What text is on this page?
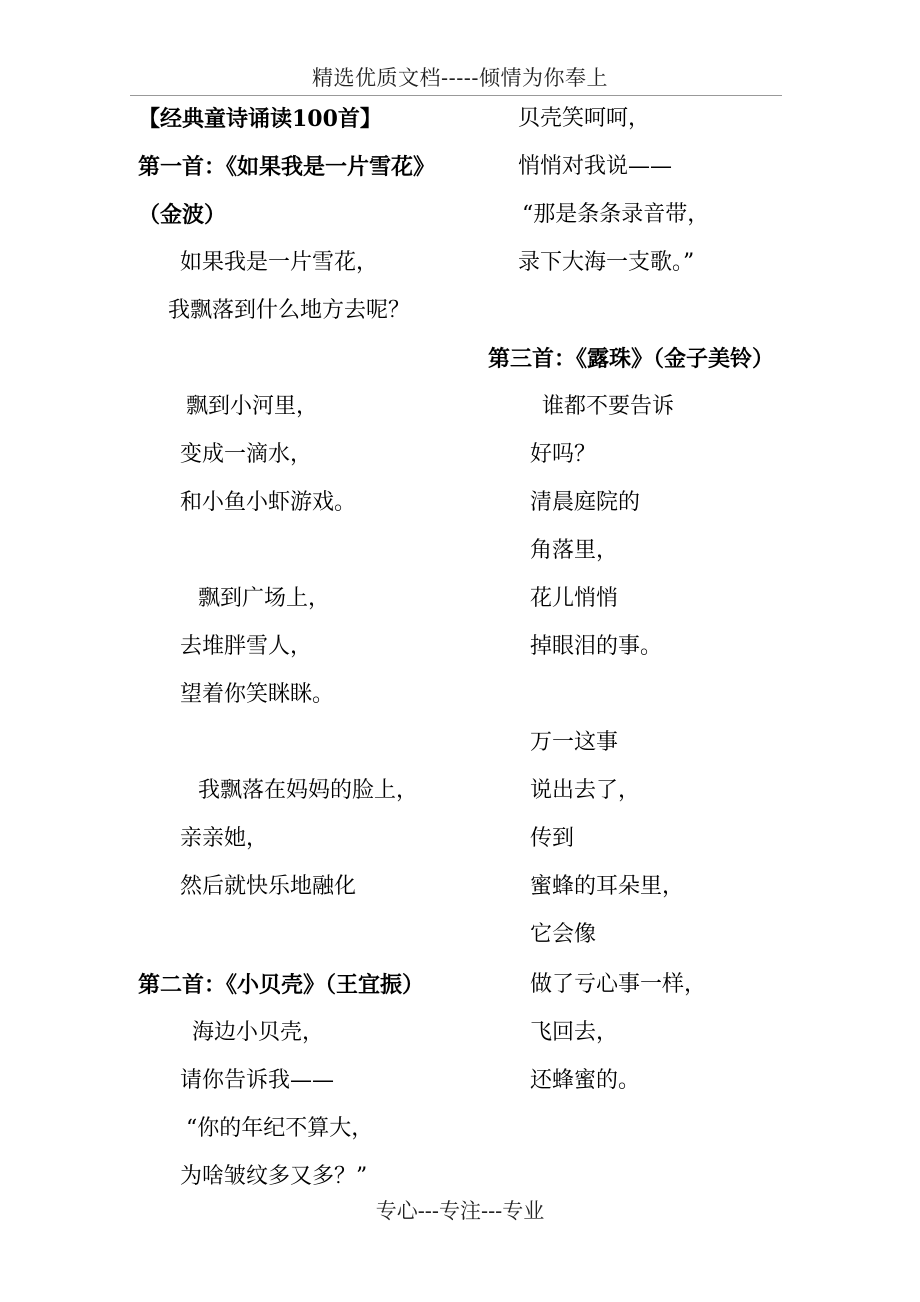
精选优质文档-----倾情为你奉上
【经典童诗诵读100首】
第一首：《如果我是一片雪花》
（金波）
如果我是一片雪花，
我飘落到什么地方去呢？
飘到小河里，
变成一滴水，
和小鱼小虾游戏。
飘到广场上，
去堆胖雪人，
望着你笑眯眯。
我飘落在妈妈的脸上，
亲亲她，
然后就快乐地融化
第二首：《小贝壳》（王宜振）
海边小贝壳，
请你告诉我——
“你的年纪不算大，
为啥皱纹多又多？”
贝壳笑呵呵，
悄悄对我说——
“那是条条录音带，
录下大海一支歌。”
第三首：《露珠》（金子美铃）
谁都不要告诉
好吗？
清晨庭院的
角落里，
花儿悄悄
掉眼泪的事。
万一这事
说出去了，
传到
蜜蜂的耳朵里，
它会像
做了亏心事一样，
飞回去，
还蜂蜜的。
专心---专注---专业
